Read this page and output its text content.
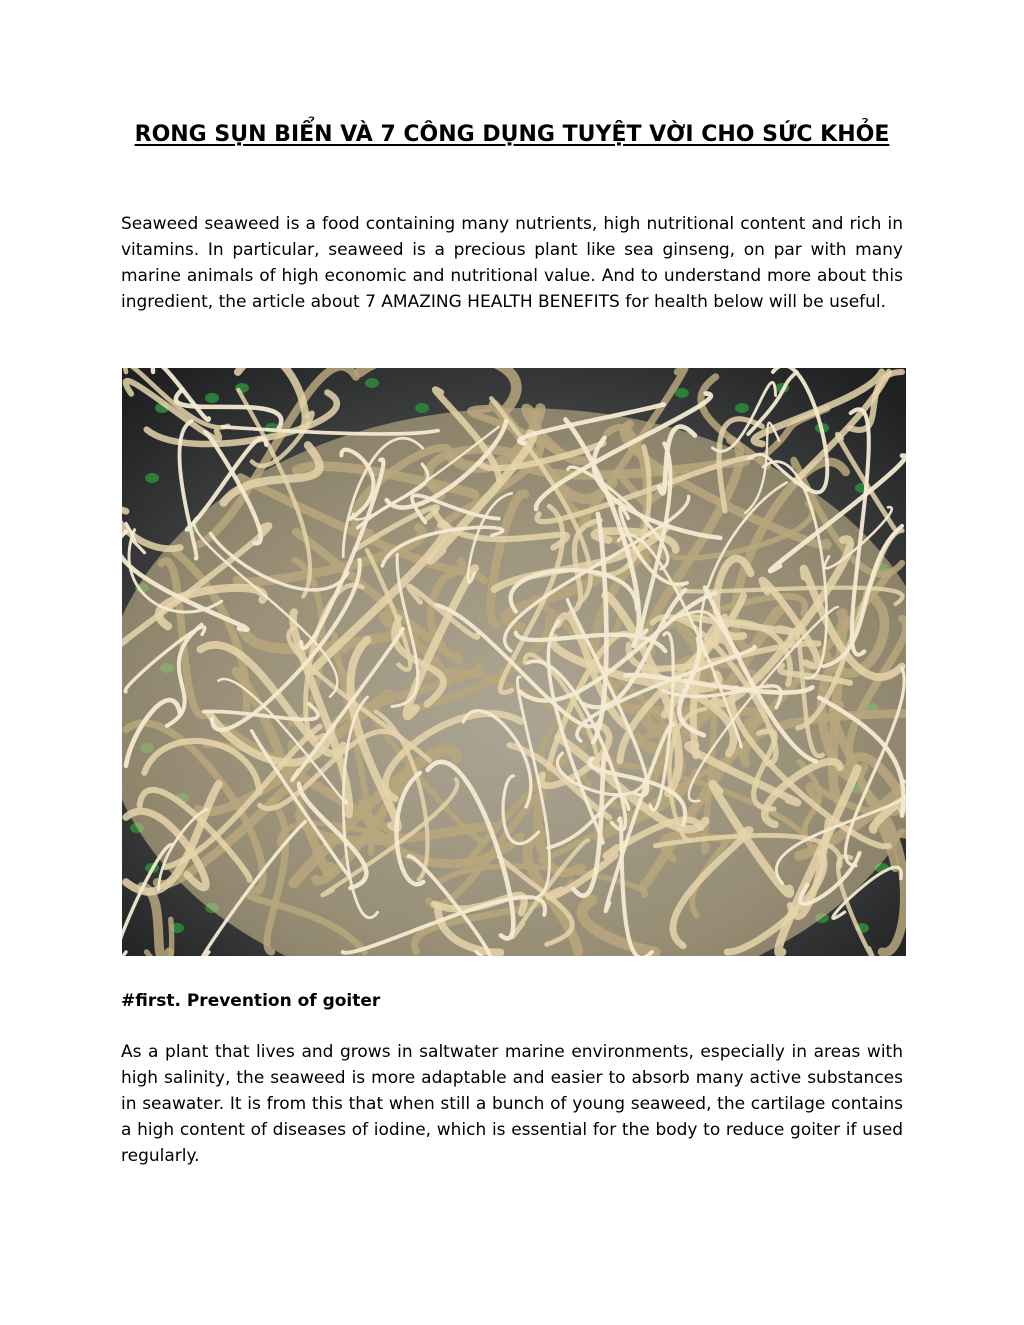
RONG SỤN BIỂN VÀ 7 CÔNG DỤNG TUYỆT VỜI CHO SỨC KHỎE

Seaweed seaweed is a food containing many nutrients, high nutritional content and rich in vitamins. In particular, seaweed is a precious plant like sea ginseng, on par with many marine animals of high economic and nutritional value. And to understand more about this ingredient, the article about 7 AMAZING HEALTH BENEFITS for health below will be useful.

#first. Prevention of goiter

As a plant that lives and grows in saltwater marine environments, especially in areas with high salinity, the seaweed is more adaptable and easier to absorb many active substances in seawater. It is from this that when still a bunch of young seaweed, the cartilage contains a high content of diseases of iodine, which is essential for the body to reduce goiter if used regularly.
